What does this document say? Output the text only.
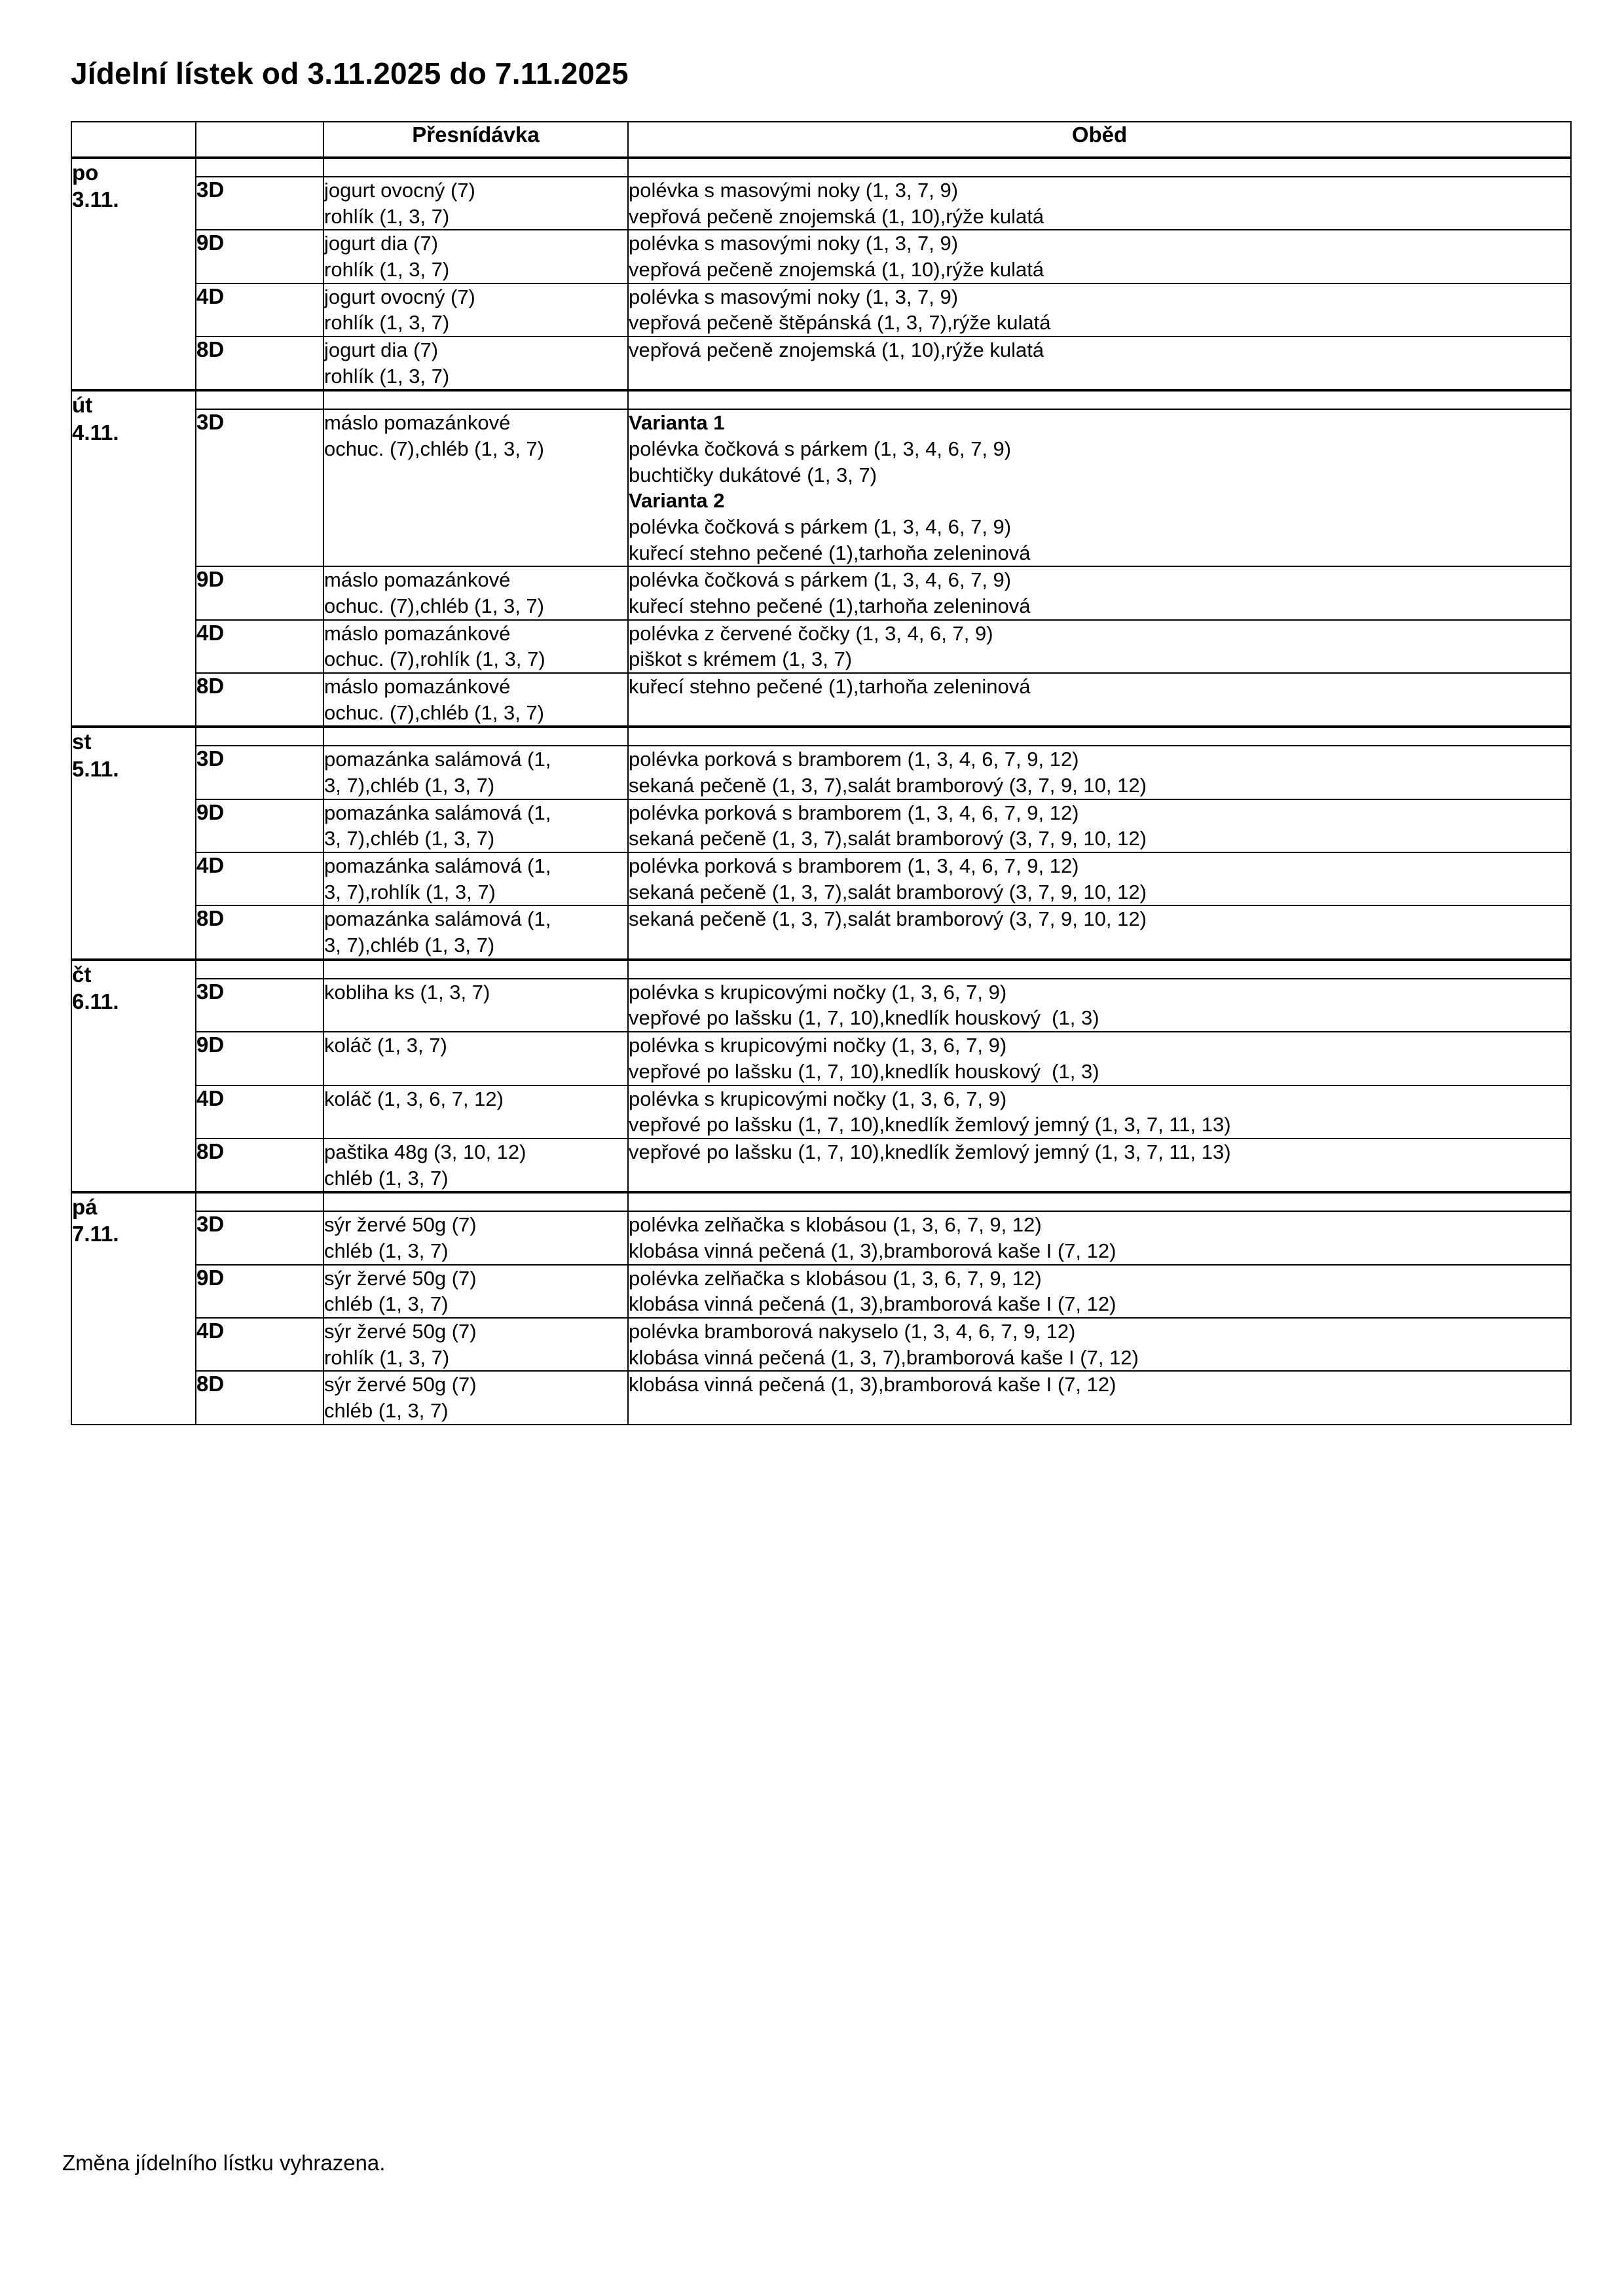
Jídelní lístek od 3.11.2025 do 7.11.2025
		Přesnídávka	Oběd

po
3.11.			

	3D	jogurt ovocný (7)
rohlík (1, 3, 7)	polévka s masovými noky (1, 3, 7, 9)
vepřová pečeně znojemská (1, 10),rýže kulatá

	9D	jogurt dia (7)
rohlík (1, 3, 7)	polévka s masovými noky (1, 3, 7, 9)
vepřová pečeně znojemská (1, 10),rýže kulatá

	4D	jogurt ovocný (7)
rohlík (1, 3, 7)	polévka s masovými noky (1, 3, 7, 9)
vepřová pečeně štěpánská (1, 3, 7),rýže kulatá

	8D	jogurt dia (7)
rohlík (1, 3, 7)	vepřová pečeně znojemská (1, 10),rýže kulatá

út
4.11.			

3D	máslo pomazánkové
ochuc. (7),chléb (1, 3, 7)

Varianta 1
polévka čočková s párkem (1, 3, 4, 6, 7, 9)
buchtičky dukátové (1, 3, 7)
Varianta 2
polévka čočková s párkem (1, 3, 4, 6, 7, 9)
kuřecí stehno pečené (1),tarhoňa zeleninová

	9D	máslo pomazánkové
ochuc. (7),chléb (1, 3, 7)	polévka čočková s párkem (1, 3, 4, 6, 7, 9)
kuřecí stehno pečené (1),tarhoňa zeleninová

	4D	máslo pomazánkové
ochuc. (7),rohlík (1, 3, 7)	polévka z červené čočky (1, 3, 4, 6, 7, 9)
piškot s krémem (1, 3, 7)

	8D	máslo pomazánkové
ochuc. (7),chléb (1, 3, 7)	kuřecí stehno pečené (1),tarhoňa zeleninová

st
5.11.			

	3D	pomazánka salámová (1,
3, 7),chléb (1, 3, 7)	polévka porková s bramborem (1, 3, 4, 6, 7, 9, 12)
sekaná pečeně (1, 3, 7),salát bramborový (3, 7, 9, 10, 12)

	9D	pomazánka salámová (1,
3, 7),chléb (1, 3, 7)	polévka porková s bramborem (1, 3, 4, 6, 7, 9, 12)
sekaná pečeně (1, 3, 7),salát bramborový (3, 7, 9, 10, 12)

	4D	pomazánka salámová (1,
3, 7),rohlík (1, 3, 7)	polévka porková s bramborem (1, 3, 4, 6, 7, 9, 12)
sekaná pečeně (1, 3, 7),salát bramborový (3, 7, 9, 10, 12)

	8D	pomazánka salámová (1,
3, 7),chléb (1, 3, 7)	sekaná pečeně (1, 3, 7),salát bramborový (3, 7, 9, 10, 12)

čt
6.11.			

	3D	kobliha ks (1, 3, 7)	polévka s krupicovými nočky (1, 3, 6, 7, 9)
vepřové po lašsku (1, 7, 10),knedlík houskový  (1, 3)

	9D	koláč (1, 3, 7)	polévka s krupicovými nočky (1, 3, 6, 7, 9)
vepřové po lašsku (1, 7, 10),knedlík houskový  (1, 3)

	4D	koláč (1, 3, 6, 7, 12)	polévka s krupicovými nočky (1, 3, 6, 7, 9)
vepřové po lašsku (1, 7, 10),knedlík žemlový jemný (1, 3, 7, 11, 13)

	8D	paštika 48g (3, 10, 12)
chléb (1, 3, 7)	vepřové po lašsku (1, 7, 10),knedlík žemlový jemný (1, 3, 7, 11, 13)

pá
7.11.			

	3D	sýr žervé 50g (7)
chléb (1, 3, 7)	polévka zelňačka s klobásou (1, 3, 6, 7, 9, 12)
klobása vinná pečená (1, 3),bramborová kaše I (7, 12)

	9D	sýr žervé 50g (7)
chléb (1, 3, 7)	polévka zelňačka s klobásou (1, 3, 6, 7, 9, 12)
klobása vinná pečená (1, 3),bramborová kaše I (7, 12)

	4D	sýr žervé 50g (7)
rohlík (1, 3, 7)	polévka bramborová nakyselo (1, 3, 4, 6, 7, 9, 12)
klobása vinná pečená (1, 3, 7),bramborová kaše I (7, 12)

	8D	sýr žervé 50g (7)
chléb (1, 3, 7)	klobása vinná pečená (1, 3),bramborová kaše I (7, 12)
Změna jídelního lístku vyhrazena.
